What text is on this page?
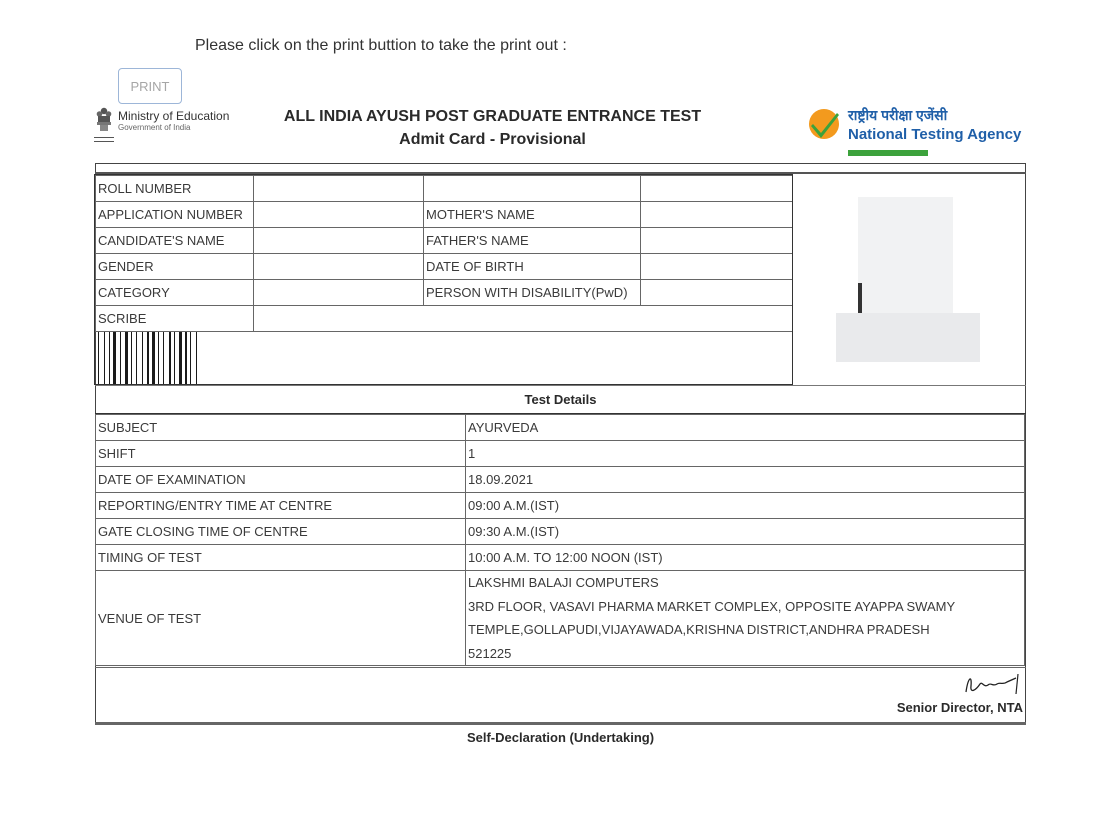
Please click on the print buttion to take the print out :
PRINT
Ministry of Education
Government of India
ALL INDIA AYUSH POST GRADUATE ENTRANCE TEST
Admit Card - Provisional
राष्ट्रीय परीक्षा एजेंसी
National Testing Agency
ROLL NUMBER			
APPLICATION NUMBER		MOTHER'S NAME	
CANDIDATE'S NAME		FATHER'S NAME	
GENDER		DATE OF BIRTH	
CATEGORY		PERSON WITH DISABILITY(PwD)	
SCRIBE			
Test Details
SUBJECT	AYURVEDA
SHIFT	1
DATE OF EXAMINATION	18.09.2021
REPORTING/ENTRY TIME AT CENTRE	09:00 A.M.(IST)
GATE CLOSING TIME OF CENTRE	09:30 A.M.(IST)
TIMING OF TEST	10:00 A.M. TO 12:00 NOON (IST)
VENUE OF TEST	LAKSHMI BALAJI COMPUTERS
3RD FLOOR, VASAVI PHARMA MARKET COMPLEX, OPPOSITE AYAPPA SWAMY
TEMPLE,GOLLAPUDI,VIJAYAWADA,KRISHNA DISTRICT,ANDHRA PRADESH
521225
Senior Director, NTA
Self-Declaration (Undertaking)
